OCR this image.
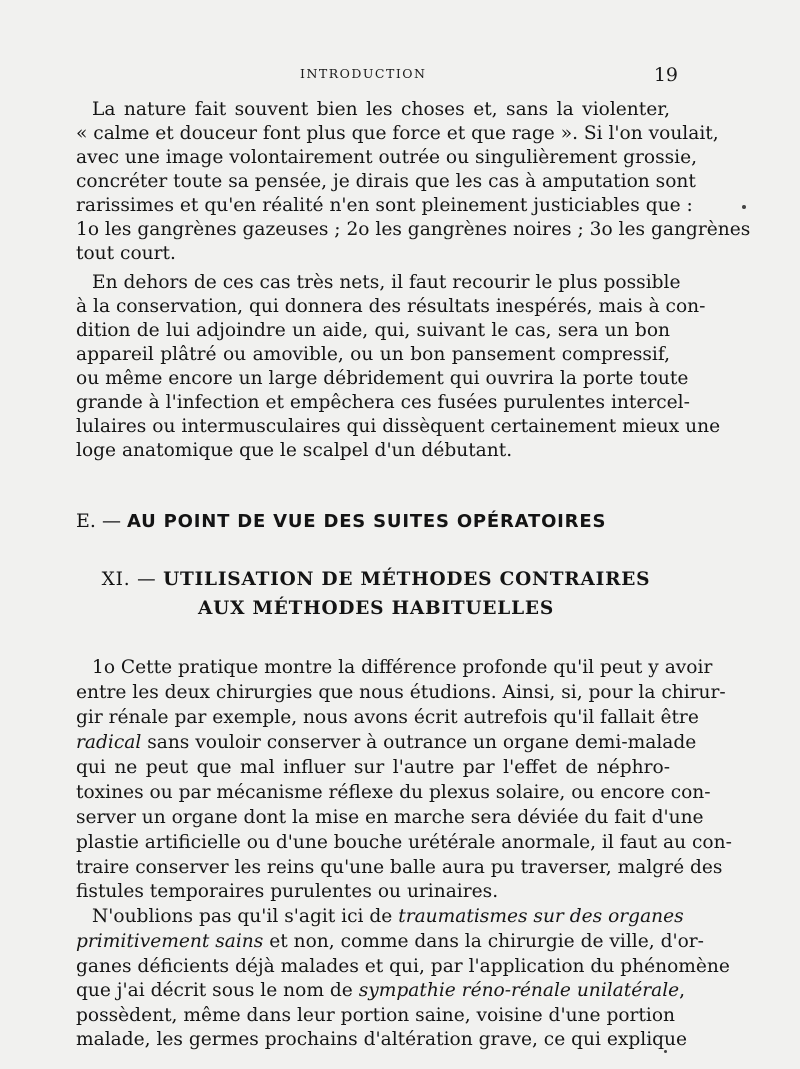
INTRODUCTION	19
La nature fait souvent bien les choses et, sans la violenter,
« calme et douceur font plus que force et que rage ». Si l'on voulait,
avec une image volontairement outrée ou singulièrement grossie,
concréter toute sa pensée, je dirais que les cas à amputation sont
rarissimes et qu'en réalité n'en sont pleinement justiciables que :
1o les gangrènes gazeuses ; 2o les gangrènes noires ; 3o les gangrènes
tout court.
En dehors de ces cas très nets, il faut recourir le plus possible
à la conservation, qui donnera des résultats inespérés, mais à con-
dition de lui adjoindre un aide, qui, suivant le cas, sera un bon
appareil plâtré ou amovible, ou un bon pansement compressif,
ou même encore un large débridement qui ouvrira la porte toute
grande à l'infection et empêchera ces fusées purulentes intercel-
lulaires ou intermusculaires qui dissèquent certainement mieux une
loge anatomique que le scalpel d'un débutant.
E. — AU POINT DE VUE DES SUITES OPÉRATOIRES
XI. — UTILISATION DE MÉTHODES CONTRAIRES
AUX MÉTHODES HABITUELLES
1o Cette pratique montre la différence profonde qu'il peut y avoir
entre les deux chirurgies que nous étudions. Ainsi, si, pour la chirur-
gir rénale par exemple, nous avons écrit autrefois qu'il fallait être
radical sans vouloir conserver à outrance un organe demi-malade
qui ne peut que mal influer sur l'autre par l'effet de néphro-
toxines ou par mécanisme réflexe du plexus solaire, ou encore con-
server un organe dont la mise en marche sera déviée du fait d'une
plastie artificielle ou d'une bouche urétérale anormale, il faut au con-
traire conserver les reins qu'une balle aura pu traverser, malgré des
fistules temporaires purulentes ou urinaires.
N'oublions pas qu'il s'agit ici de traumatismes sur des organes
primitivement sains et non, comme dans la chirurgie de ville, d'or-
ganes déficients déjà malades et qui, par l'application du phénomène
que j'ai décrit sous le nom de sympathie réno-rénale unilatérale,
possèdent, même dans leur portion saine, voisine d'une portion
malade, les germes prochains d'altération grave, ce qui explique
